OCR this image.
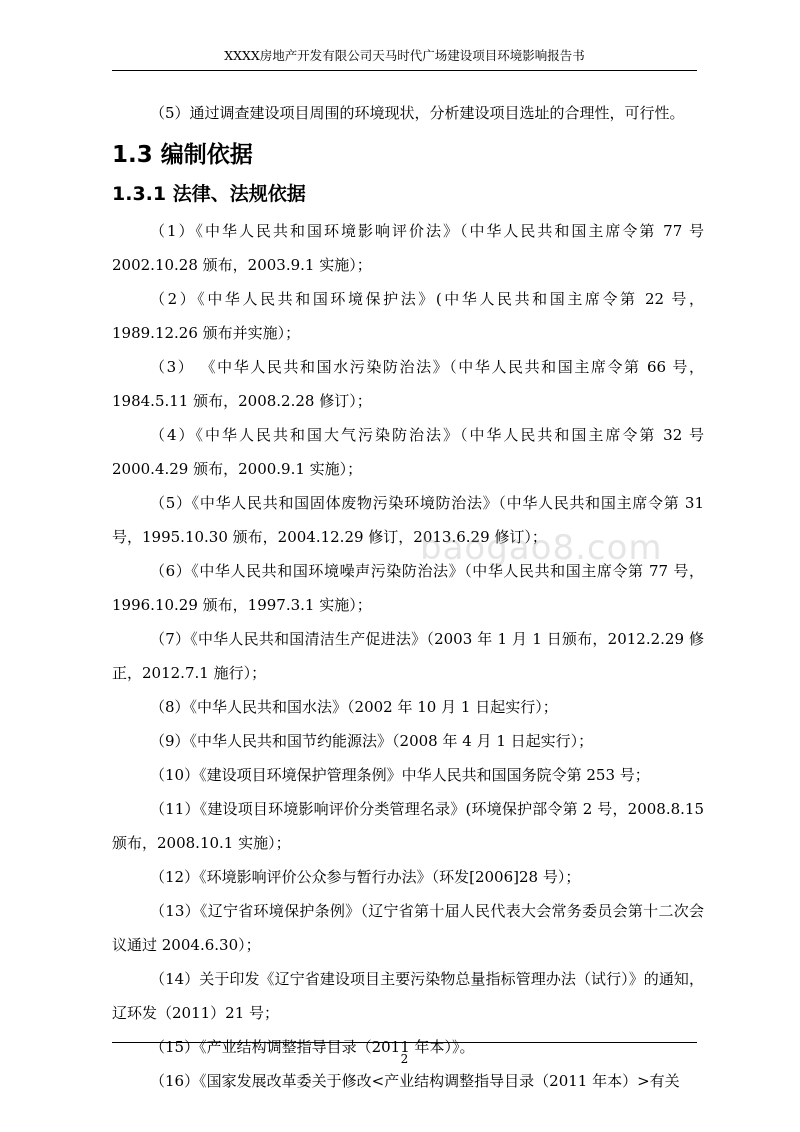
XXXX房地产开发有限公司天马时代广场建设项目环境影响报告书

（5）通过调查建设项目周围的环境现状，分析建设项目选址的合理性，可行性。

1.3 编制依据
1.3.1 法律、法规依据

（1）《中华人民共和国环境影响评价法》（中华人民共和国主席令第 77 号 2002.10.28 颁布，2003.9.1 实施）；

（2）《中华人民共和国环境保护法》(中华人民共和国主席令第 22 号，1989.12.26 颁布并实施）；

（3） 《中华人民共和国水污染防治法》（中华人民共和国主席令第 66 号，1984.5.11 颁布，2008.2.28 修订）；

（4）《中华人民共和国大气污染防治法》（中华人民共和国主席令第 32 号 2000.4.29 颁布，2000.9.1 实施）；

（5）《中华人民共和国固体废物污染环境防治法》（中华人民共和国主席令第 31 号，1995.10.30 颁布，2004.12.29 修订，2013.6.29 修订）；

（6）《中华人民共和国环境噪声污染防治法》（中华人民共和国主席令第 77 号，1996.10.29 颁布，1997.3.1 实施）；

（7）《中华人民共和国清洁生产促进法》（2003 年 1 月 1 日颁布，2012.2.29 修正，2012.7.1 施行）；

（8）《中华人民共和国水法》（2002 年 10 月 1 日起实行）；

（9）《中华人民共和国节约能源法》（2008 年 4 月 1 日起实行）；

（10）《建设项目环境保护管理条例》中华人民共和国国务院令第 253 号；

（11）《建设项目环境影响评价分类管理名录》(环境保护部令第 2 号，2008.8.15 颁布，2008.10.1 实施）；

（12）《环境影响评价公众参与暂行办法》（环发[2006]28 号）；

（13）《辽宁省环境保护条例》（辽宁省第十届人民代表大会常务委员会第十二次会议通过 2004.6.30）；

（14）关于印发《辽宁省建设项目主要污染物总量指标管理办法（试行）》的通知，辽环发（2011）21 号；

（15）《产业结构调整指导目录（2011 年本）》。

（16）《国家发展改革委关于修改<产业结构调整指导目录（2011 年本）>有关

baogao8.com
2
